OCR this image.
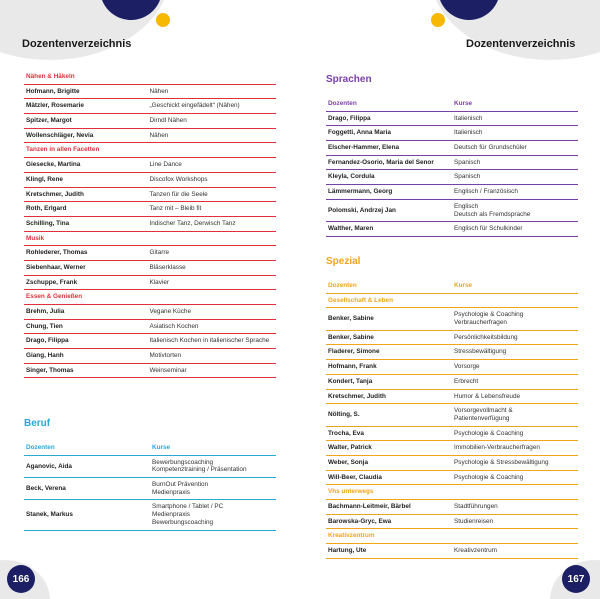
Dozentenverzeichnis
Nähen & Häkeln	
Hofmann, Brigitte	Nähen
Mätzler, Rosemarie	„Geschickt eingefädelt“ (Nähen)
Spitzer, Margot	Dirndl Nähen
Wollenschläger, Nevia	Nähen
Tanzen in allen Facetten	
Giesecke, Martina	Line Dance
Klingl, Rene	Discofox Workshops
Kretschmer, Judith	Tanzen für die Seele
Roth, Erlgard	Tanz mit – Bleib fit
Schilling, Tina	Indischer Tanz, Derwisch Tanz
Musik	
Rohlederer, Thomas	Gitarre
Siebenhaar, Werner	Bläserklasse
Zschuppe, Frank	Klavier
Essen & Genießen	
Brehm, Julia	Vegane Küche
Chung, Tien	Asiatisch Kochen
Drago, Filippa	Italienisch Kochen in italienischer Sprache
Giang, Hanh	Motivtorten
Singer, Thomas	Weinseminar
Beruf
Dozenten	Kurse
Aganovic, Aida	Bewerbungscoaching
Kompetenztraining / Präsentation
Beck, Verena	BurnOut Prävention
Medienpraxis
Stanek, Markus	Smartphone / Tablet / PC
Medienpraxis
Bewerbungscoaching
166
Dozentenverzeichnis
Sprachen
Dozenten	Kurse
Drago, Filippa	Italienisch
Foggetti, Anna Maria	Italienisch
Elscher-Hammer, Elena	Deutsch für Grundschüler
Fernandez-Osorio, Maria del Senor	Spanisch
Kleyla, Cordula	Spanisch
Lämmermann, Georg	Englisch / Französisch
Polomski, Andrzej Jan	Englisch
Deutsch als Fremdsprache
Walther, Maren	Englisch für Schulkinder
Spezial
Dozenten	Kurse
Gesellschaft & Leben	
Benker, Sabine	Psychologie & Coaching
Verbraucherfragen
Benker, Sabine	Persönlichkeitsbildung
Fladerer, Simone	Stressbewältigung
Hofmann, Frank	Vorsorge
Kondert, Tanja	Erbrecht
Kretschmer, Judith	Humor & Lebensfreude
Nölting, S.	Vorsorgevollmacht &
Patientenverfügung
Trocha, Eva	Psychologie & Coaching
Walter, Patrick	Immobilien-Verbraucherfragen
Weber, Sonja	Psychologie & Stressbewältigung
Will-Beer, Claudia	Psychologie & Coaching
Vhs unterwegs	
Bachmann-Leitmeir, Bärbel	Stadtführungen
Barowska-Gryc, Ewa	Studienreisen
Kreativzentrum	
Hartung, Ute	Kreativzentrum
167
